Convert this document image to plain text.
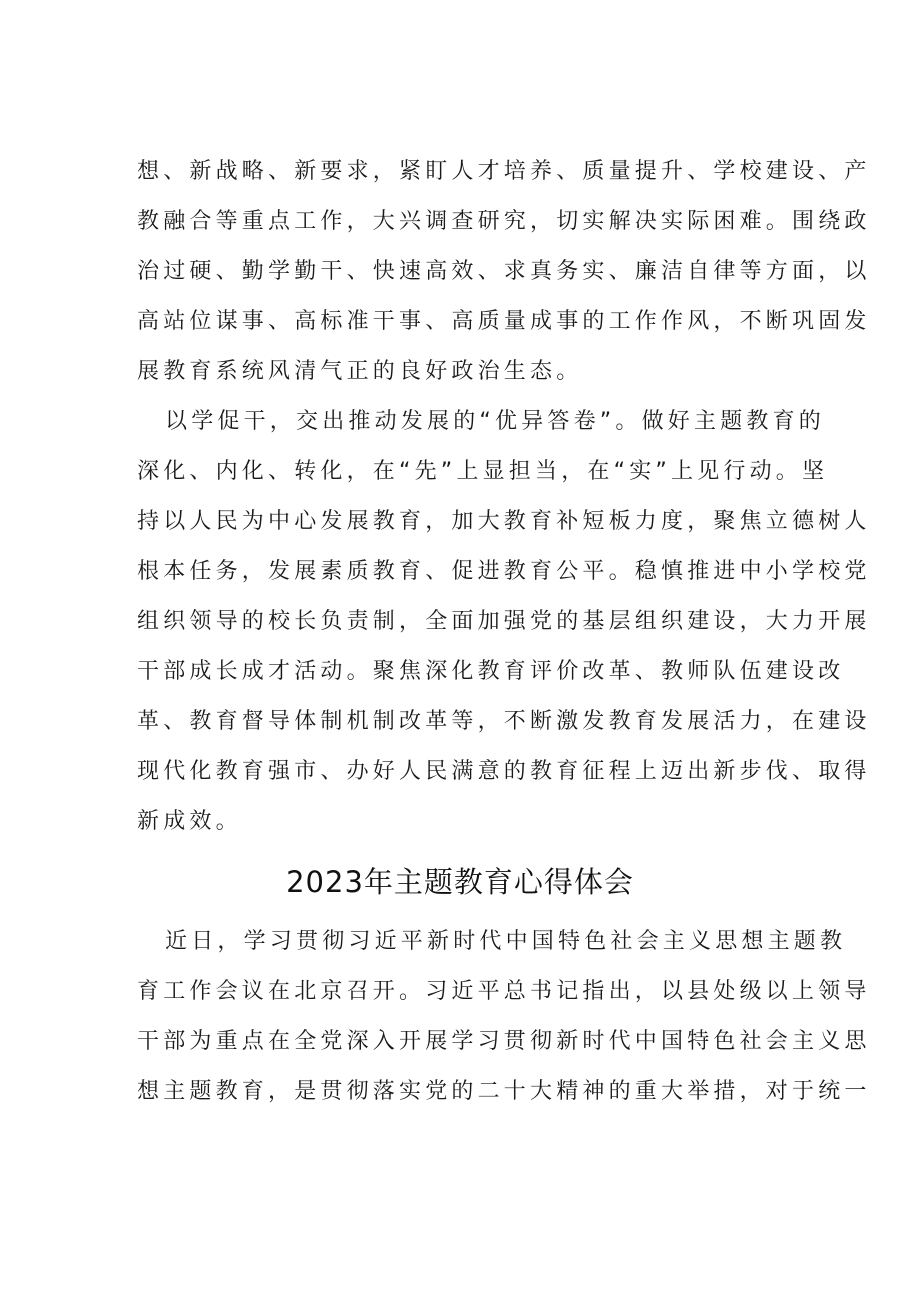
想、新战略、新要求，紧盯人才培养、质量提升、学校建设、产
教融合等重点工作，大兴调查研究，切实解决实际困难。围绕政
治过硬、勤学勤干、快速高效、求真务实、廉洁自律等方面，以
高站位谋事、高标准干事、高质量成事的工作作风，不断巩固发
展教育系统风清气正的良好政治生态。
以学促干，交出推动发展的“优异答卷”。做好主题教育的
深化、内化、转化，在“先”上显担当，在“实”上见行动。坚
持以人民为中心发展教育，加大教育补短板力度，聚焦立德树人
根本任务，发展素质教育、促进教育公平。稳慎推进中小学校党
组织领导的校长负责制，全面加强党的基层组织建设，大力开展
干部成长成才活动。聚焦深化教育评价改革、教师队伍建设改
革、教育督导体制机制改革等，不断激发教育发展活力，在建设
现代化教育强市、办好人民满意的教育征程上迈出新步伐、取得
新成效。
2023年主题教育心得体会
近日，学习贯彻习近平新时代中国特色社会主义思想主题教
育工作会议在北京召开。习近平总书记指出，以县处级以上领导
干部为重点在全党深入开展学习贯彻新时代中国特色社会主义思
想主题教育，是贯彻落实党的二十大精神的重大举措，对于统一
